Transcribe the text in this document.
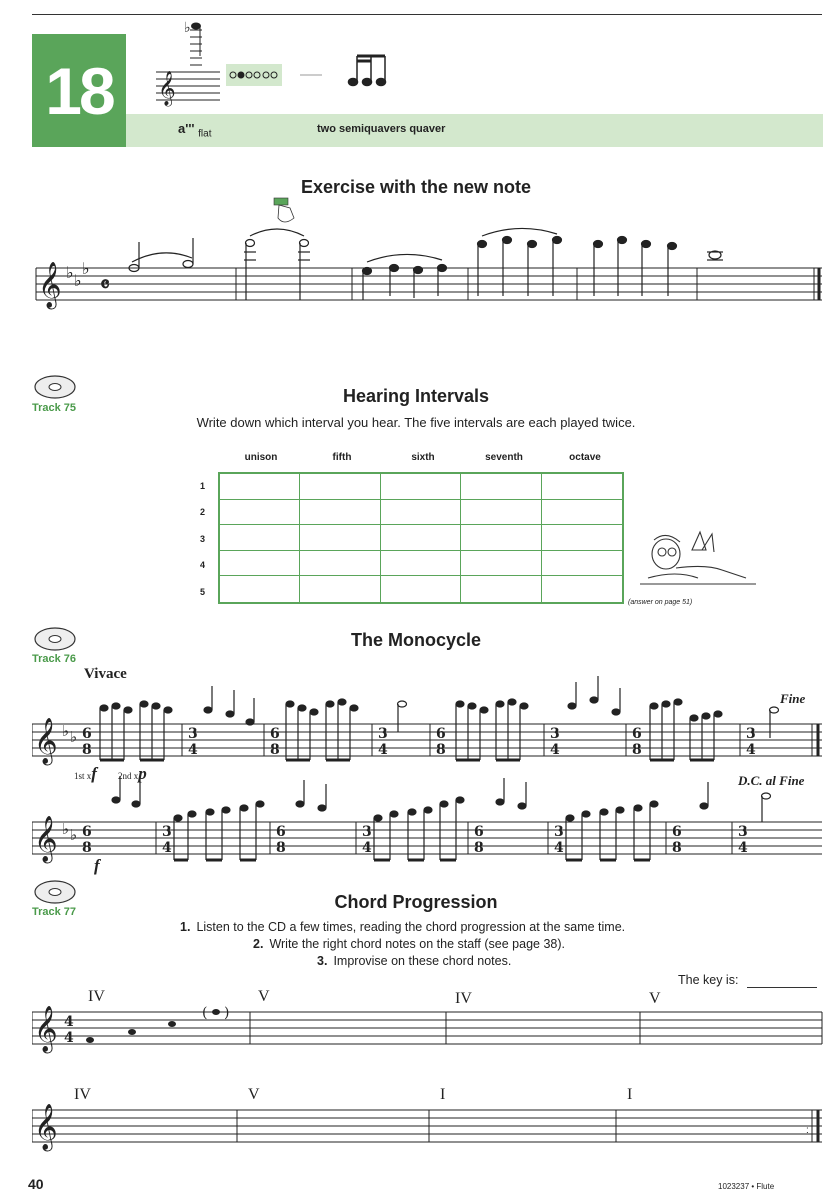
18
a''' $_{flat}$	two semiquavers quaver
𝄞
♭
Exercise with the new note
𝄞 ♭ ♭
♭
𝄴
Track 75
Hearing Intervals
Write down which interval you hear. The five intervals are each played twice.
unison	fifth	sixth	seventh	octave
1
2
3
4
5
(answer on page 51)
Track 76
The Monocycle
Vivace
Fine
D.C. al Fine
1st xf 2nd xp
f
𝄞
𝄞
♭ ♭
♭ ♭
6
8
3
4
6
8
3
4
6
8
3
4
6
8
3
4
6
8
3
4
6
8
3
4
6
8
3
4
6
8
3
4
Track 77	Chord Progression
1. Listen to the CD a few times, reading the chord progression at the same time.
2. Write the right chord notes on the staff (see page 38).
3. Improvise on these chord notes.
The key is:
IV	V	IV	V
IV	V	I	I
𝄞
𝄞
4
4
( )
:
40	1023237 • Flute
